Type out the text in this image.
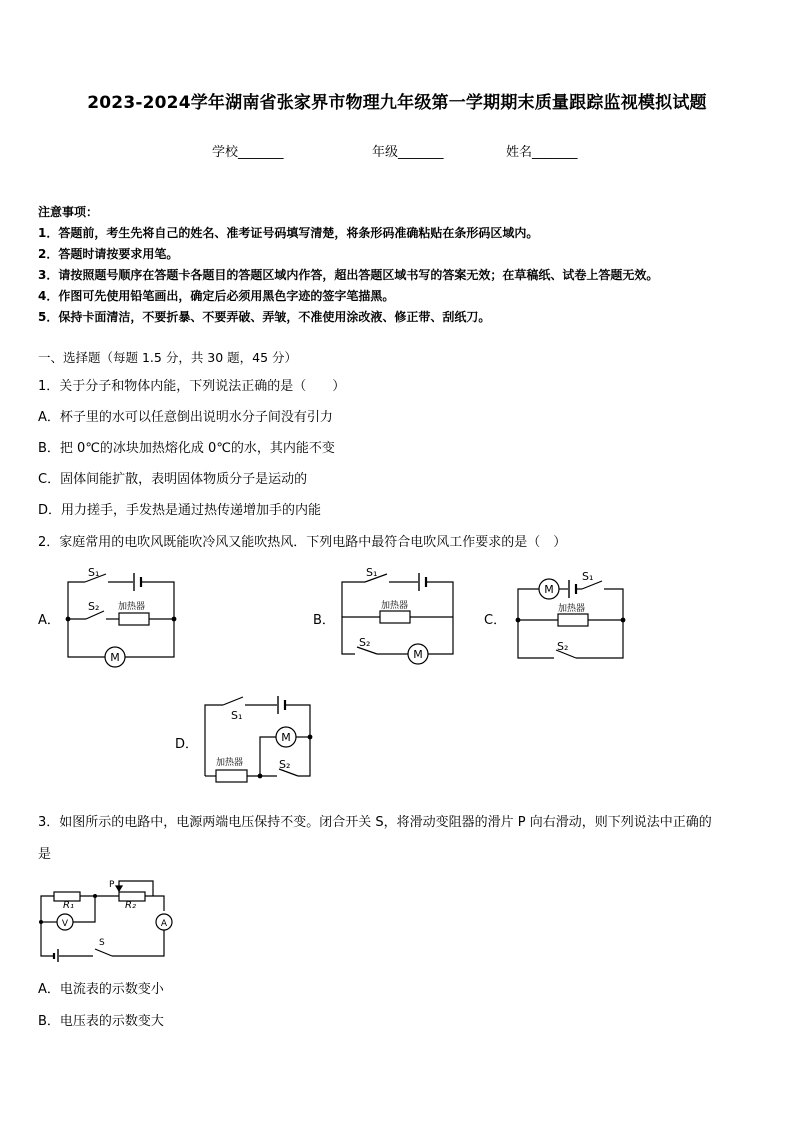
2023-2024学年湖南省张家界市物理九年级第一学期期末质量跟踪监视模拟试题
学校_______	年级_______	姓名_______
注意事项：
1．答题前，考生先将自己的姓名、准考证号码填写清楚，将条形码准确粘贴在条形码区域内。
2．答题时请按要求用笔。
3．请按照题号顺序在答题卡各题目的答题区域内作答，超出答题区域书写的答案无效；在草稿纸、试卷上答题无效。
4．作图可先使用铅笔画出，确定后必须用黑色字迹的签字笔描黑。
5．保持卡面清洁，不要折暴、不要弄破、弄皱，不准使用涂改液、修正带、刮纸刀。
一、选择题（每题 1.5 分，共 30 题，45 分）
1．关于分子和物体内能，下列说法正确的是（　　）
A．杯子里的水可以任意倒出说明水分子间没有引力
B．把 0℃的冰块加热熔化成 0℃的水，其内能不变
C．固体间能扩散，表明固体物质分子是运动的
D．用力搓手，手发热是通过热传递增加手的内能
2．家庭常用的电吹风既能吹冷风又能吹热风．下列电路中最符合电吹风工作要求的是（　）
A．
S₁
S₂ 加热器
M
B．
S₁
S₂
加热器
M
C．
M
S₁
加热器
S₂
D．
S₁
S₂
加热器
M
3．如图所示的电路中，电源两端电压保持不变。闭合开关 S，将滑动变阻器的滑片 P 向右滑动，则下列说法中正确的
是
P
R₁	R₂
V	A
S
A．电流表的示数变小
B．电压表的示数变大
